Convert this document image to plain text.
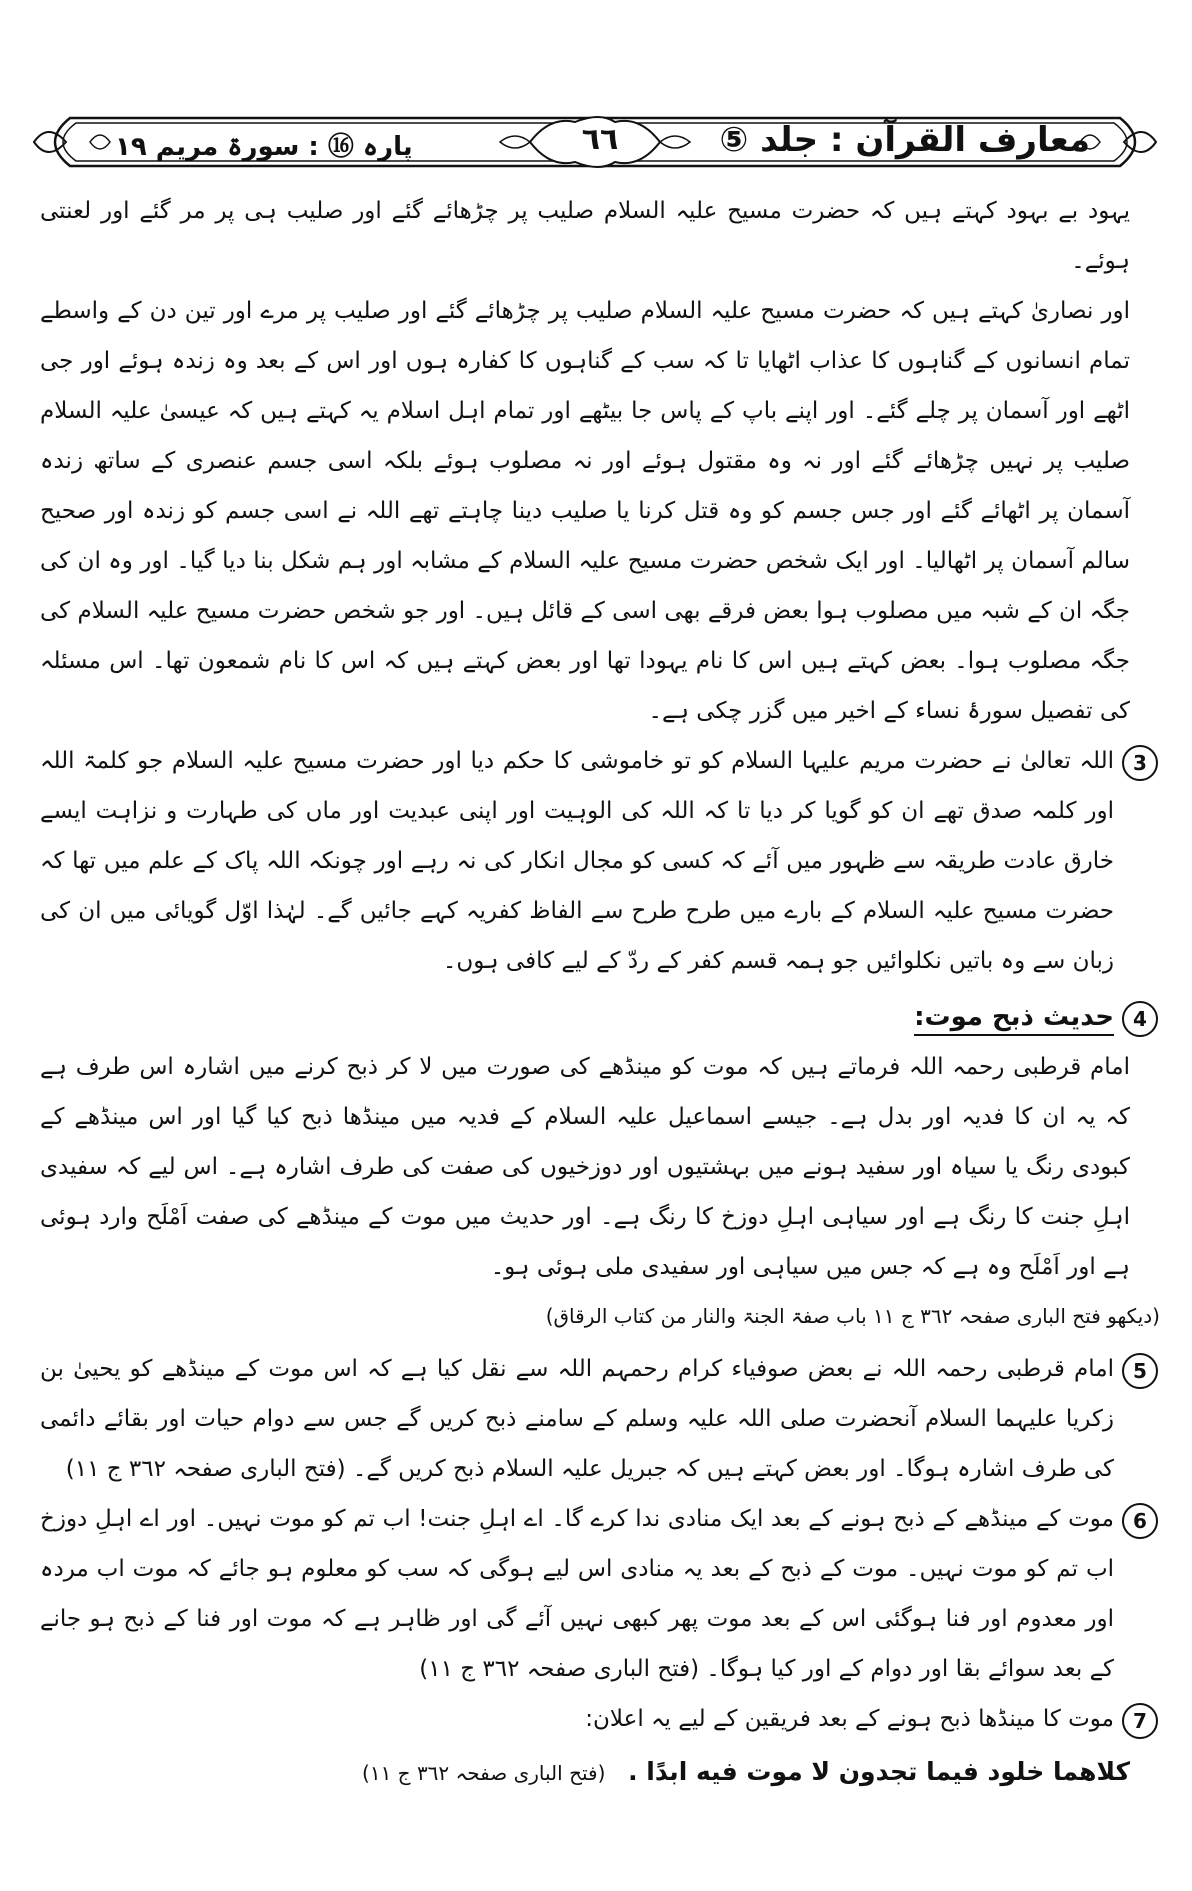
معارف القرآن : جلد ⑤
٦٦
پارہ ⑯ : سورۃ مریم ١٩

یہود بے بہود کہتے ہیں کہ حضرت مسیح علیہ السلام صلیب پر چڑھائے گئے اور صلیب ہی پر مر گئے اور لعنتی ہوئے۔

اور نصاریٰ کہتے ہیں کہ حضرت مسیح علیہ السلام صلیب پر چڑھائے گئے اور صلیب پر مرے اور تین دن کے واسطے تمام انسانوں کے گناہوں کا عذاب اٹھایا تا کہ سب کے گناہوں کا کفارہ ہوں اور اس کے بعد وہ زندہ ہوئے اور جی اٹھے اور آسمان پر چلے گئے۔ اور اپنے باپ کے پاس جا بیٹھے اور تمام اہل اسلام یہ کہتے ہیں کہ عیسیٰ علیہ السلام صلیب پر نہیں چڑھائے گئے اور نہ وہ مقتول ہوئے اور نہ مصلوب ہوئے بلکہ اسی جسم عنصری کے ساتھ زندہ آسمان پر اٹھائے گئے اور جس جسم کو وہ قتل کرنا یا صلیب دینا چاہتے تھے اللہ نے اسی جسم کو زندہ اور صحیح سالم آسمان پر اٹھالیا۔ اور ایک شخص حضرت مسیح علیہ السلام کے مشابہ اور ہم شکل بنا دیا گیا۔ اور وہ ان کی جگہ ان کے شبہ میں مصلوب ہوا بعض فرقے بھی اسی کے قائل ہیں۔ اور جو شخص حضرت مسیح علیہ السلام کی جگہ مصلوب ہوا۔ بعض کہتے ہیں اس کا نام یہودا تھا اور بعض کہتے ہیں کہ اس کا نام شمعون تھا۔ اس مسئلہ کی تفصیل سورۂ نساء کے اخیر میں گزر چکی ہے۔

3

اللہ تعالیٰ نے حضرت مریم علیہا السلام کو تو خاموشی کا حکم دیا اور حضرت مسیح علیہ السلام جو کلمۃ اللہ اور کلمہ صدق تھے ان کو گویا کر دیا تا کہ اللہ کی الوہیت اور اپنی عبدیت اور ماں کی طہارت و نزاہت ایسے خارق عادت طریقہ سے ظہور میں آئے کہ کسی کو مجال انکار کی نہ رہے اور چونکہ اللہ پاک کے علم میں تھا کہ حضرت مسیح علیہ السلام کے بارے میں طرح طرح سے الفاظ کفریہ کہے جائیں گے۔ لہٰذا اوّل گویائی میں ان کی زبان سے وہ باتیں نکلوائیں جو ہمہ قسم کفر کے ردّ کے لیے کافی ہوں۔

4
حدیث ذبح موت:

امام قرطبی رحمہ اللہ فرماتے ہیں کہ موت کو مینڈھے کی صورت میں لا کر ذبح کرنے میں اشارہ اس طرف ہے کہ یہ ان کا فدیہ اور بدل ہے۔ جیسے اسماعیل علیہ السلام کے فدیہ میں مینڈھا ذبح کیا گیا اور اس مینڈھے کے کبودی رنگ یا سیاہ اور سفید ہونے میں بہشتیوں اور دوزخیوں کی صفت کی طرف اشارہ ہے۔ اس لیے کہ سفیدی اہلِ جنت کا رنگ ہے اور سیاہی اہلِ دوزخ کا رنگ ہے۔ اور حدیث میں موت کے مینڈھے کی صفت اَمْلَح وارد ہوئی ہے اور اَمْلَح وہ ہے کہ جس میں سیاہی اور سفیدی ملی ہوئی ہو۔

(دیکھو فتح الباری صفحہ ٣٦٢ ج ١١ باب صفۃ الجنۃ والنار من کتاب الرقاق)
5

امام قرطبی رحمہ اللہ نے بعض صوفیاء کرام رحمہم اللہ سے نقل کیا ہے کہ اس موت کے مینڈھے کو یحییٰ بن زکریا علیہما السلام آنحضرت صلی اللہ علیہ وسلم کے سامنے ذبح کریں گے جس سے دوام حیات اور بقائے دائمی کی طرف اشارہ ہوگا۔ اور بعض کہتے ہیں کہ جبریل علیہ السلام ذبح کریں گے۔ (فتح الباری صفحہ ٣٦٢ ج ١١)

6

موت کے مینڈھے کے ذبح ہونے کے بعد ایک منادی ندا کرے گا۔ اے اہلِ جنت! اب تم کو موت نہیں۔ اور اے اہلِ دوزخ اب تم کو موت نہیں۔ موت کے ذبح کے بعد یہ منادی اس لیے ہوگی کہ سب کو معلوم ہو جائے کہ موت اب مردہ اور معدوم اور فنا ہوگئی اس کے بعد موت پھر کبھی نہیں آئے گی اور ظاہر ہے کہ موت اور فنا کے ذبح ہو جانے کے بعد سوائے بقا اور دوام کے اور کیا ہوگا۔ (فتح الباری صفحہ ٣٦٢ ج ١١)

7

موت کا مینڈھا ذبح ہونے کے بعد فریقین کے لیے یہ اعلان:

کلاھما خلود فیما تجدون لا موت فیه ابدًا . (فتح الباری صفحہ ٣٦٢ ج ١١)
